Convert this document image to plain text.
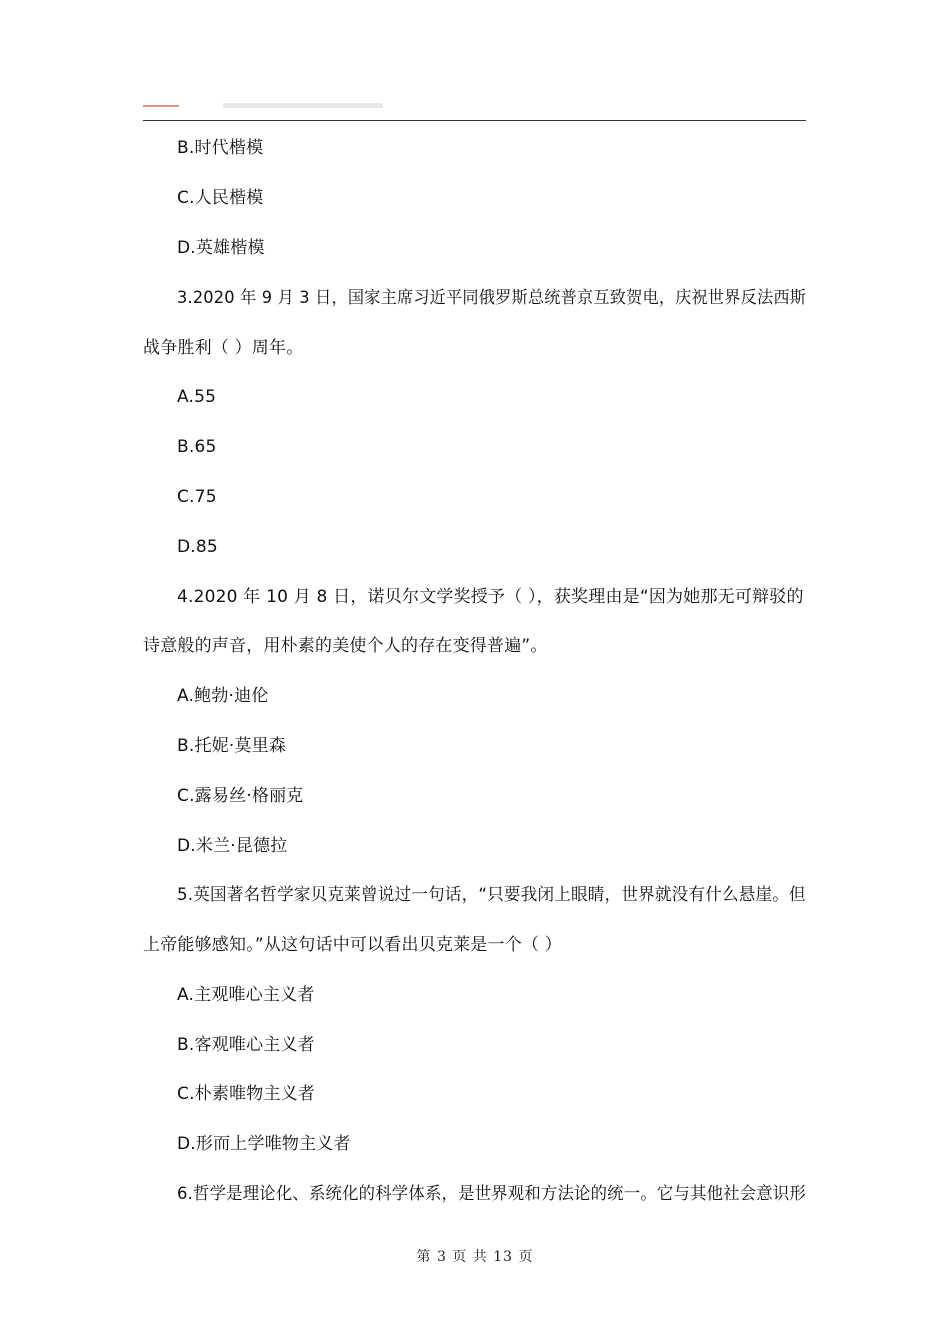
B.时代楷模
C.人民楷模
D.英雄楷模
3.2020 年 9 月 3 日，国家主席习近平同俄罗斯总统普京互致贺电，庆祝世界反法西斯
战争胜利（ ）周年。
A.55
B.65
C.75
D.85
4.2020 年 10 月 8 日，诺贝尔文学奖授予（ ），获奖理由是“因为她那无可辩驳的
诗意般的声音，用朴素的美使个人的存在变得普遍”。
A.鲍勃·迪伦
B.托妮·莫里森
C.露易丝·格丽克
D.米兰·昆德拉
5.英国著名哲学家贝克莱曾说过一句话，“只要我闭上眼睛，世界就没有什么悬崖。但
上帝能够感知。”从这句话中可以看出贝克莱是一个（ ）
A.主观唯心主义者
B.客观唯心主义者
C.朴素唯物主义者
D.形而上学唯物主义者
6.哲学是理论化、系统化的科学体系，是世界观和方法论的统一。它与其他社会意识形
第 3 页 共 13 页
